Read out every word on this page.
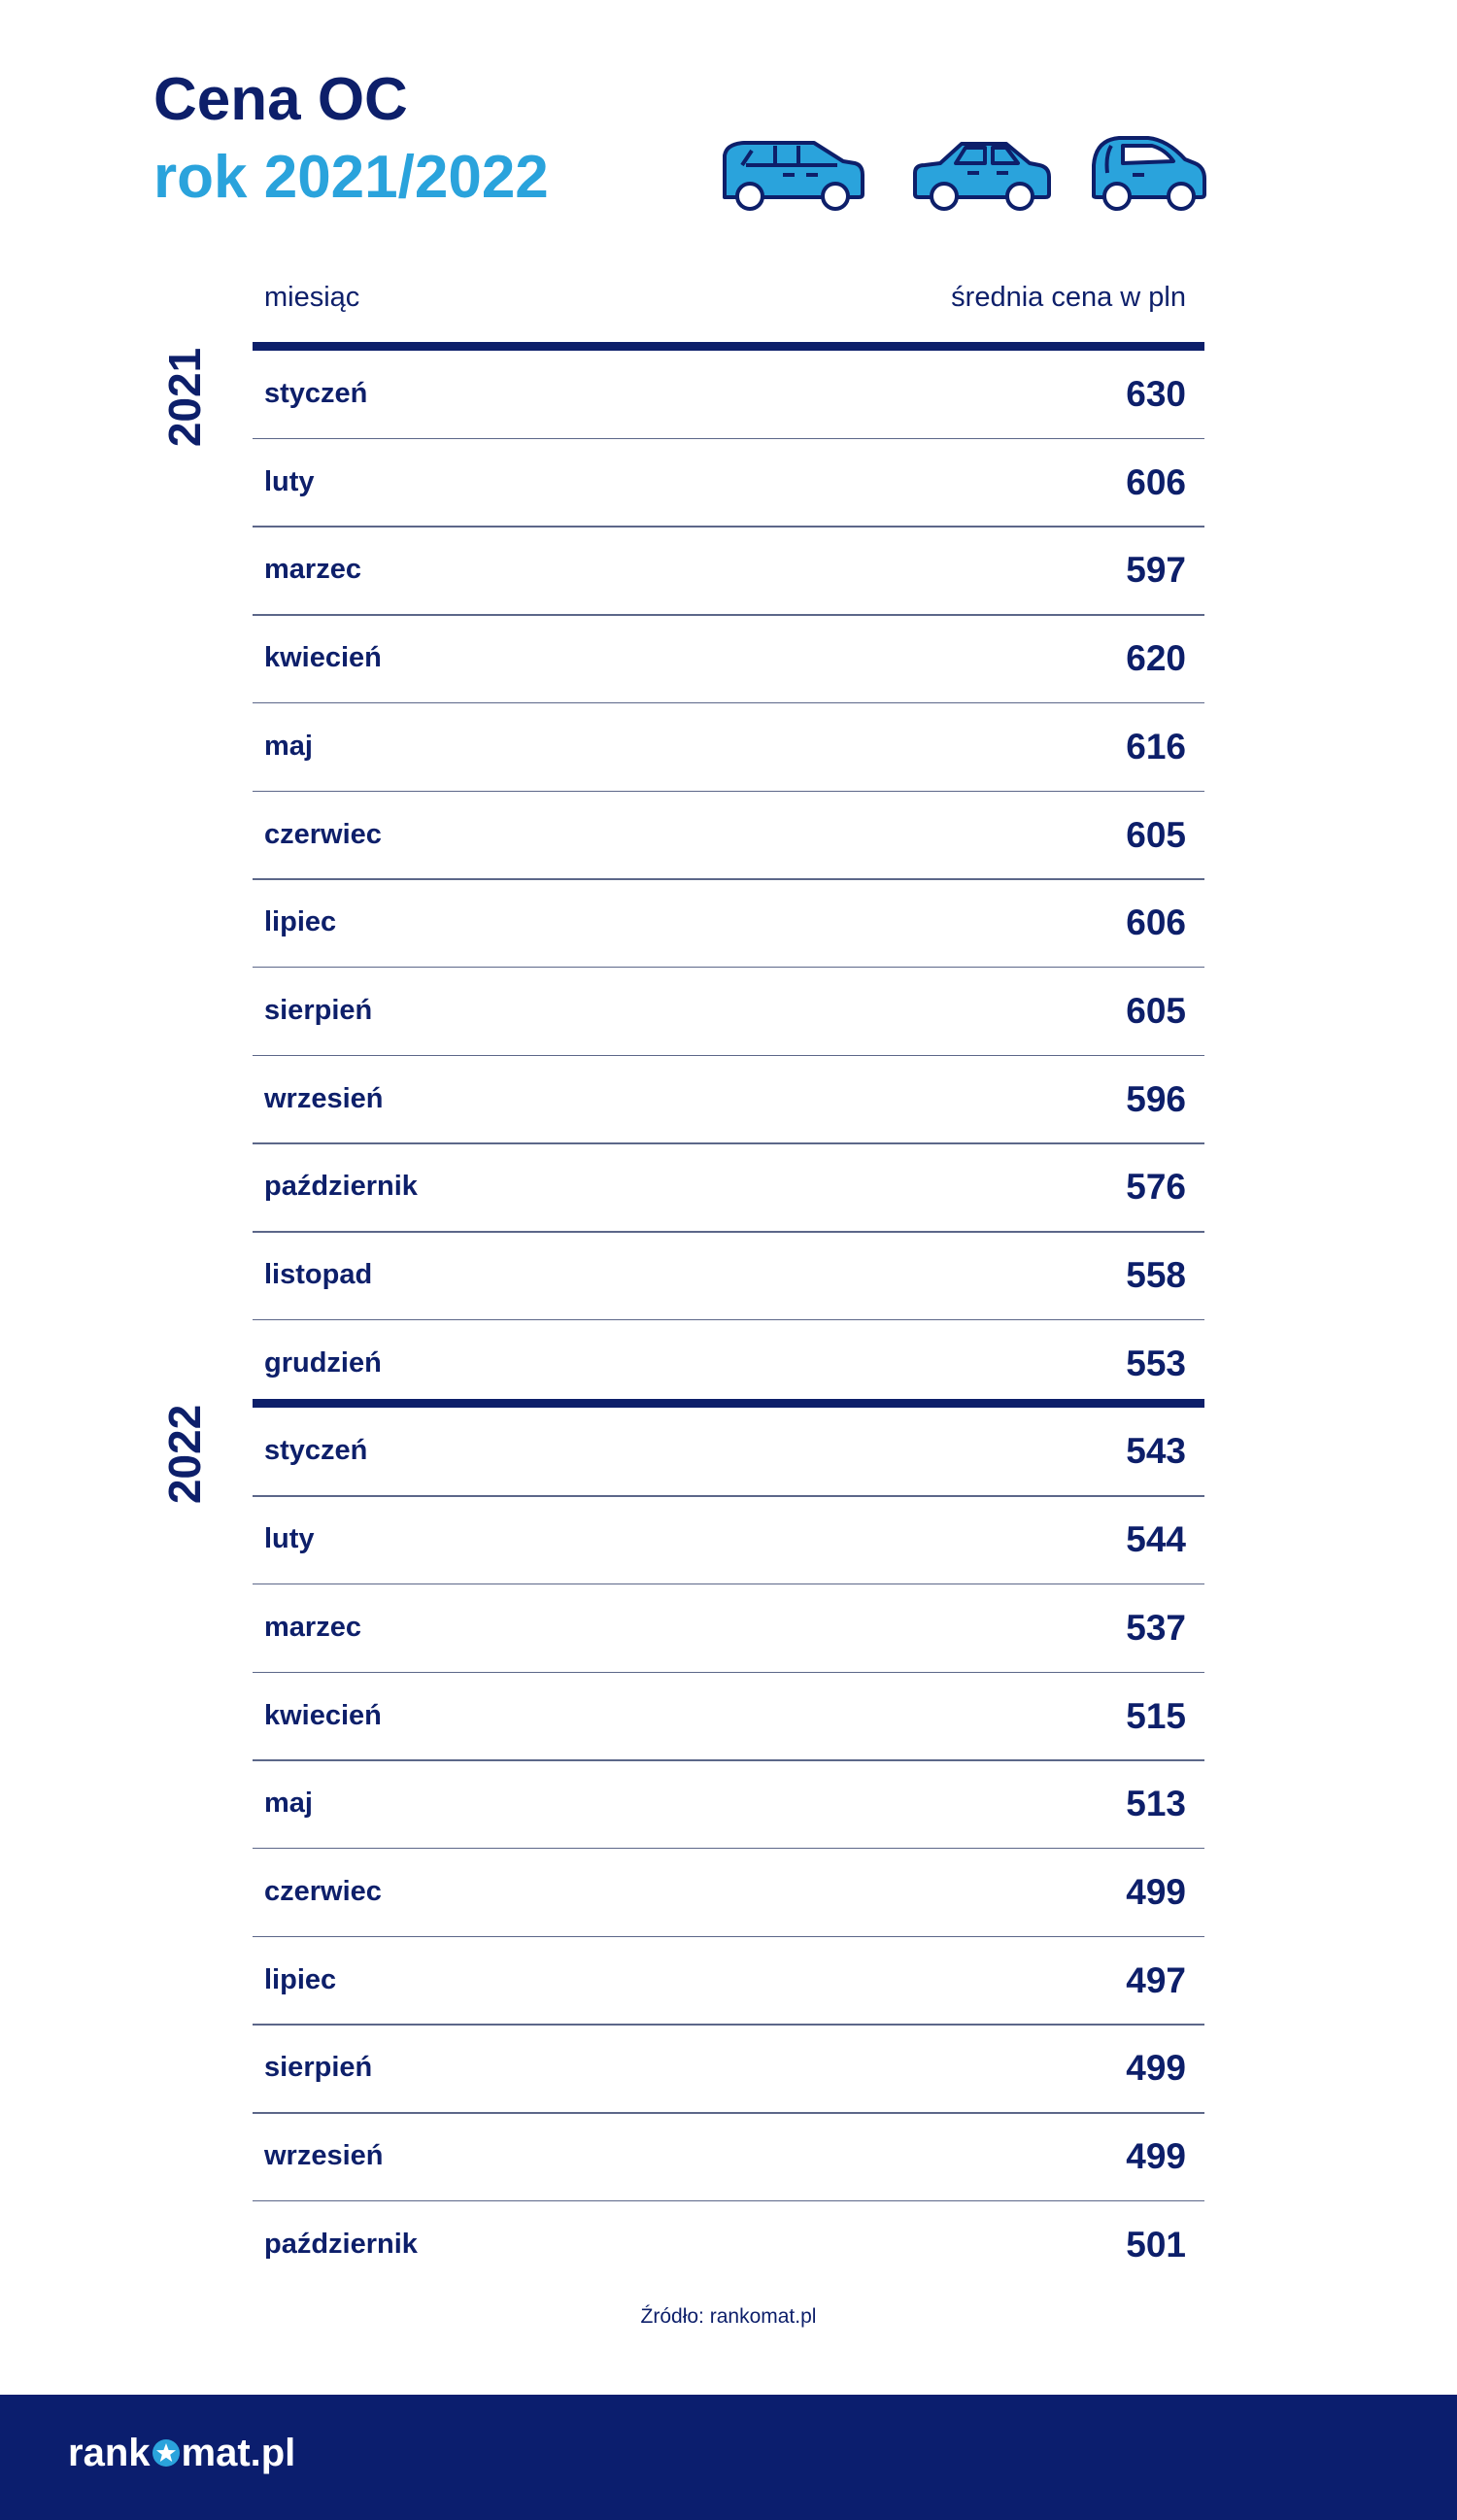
Cena OC
rok 2021/2022
miesiąc	średnia cena w pln
2021 styczeń	630
luty	606
marzec	597
kwiecień	620
maj	616
czerwiec	605
lipiec	606
sierpień	605
wrzesień	596
październik	576
listopad	558
grudzień	553
2022 styczeń	543
luty	544
marzec	537
kwiecień	515
maj	513
czerwiec	499
lipiec	497
sierpień	499
wrzesień	499
październik	501
Źródło: rankomat.pl
rank mat.pl
